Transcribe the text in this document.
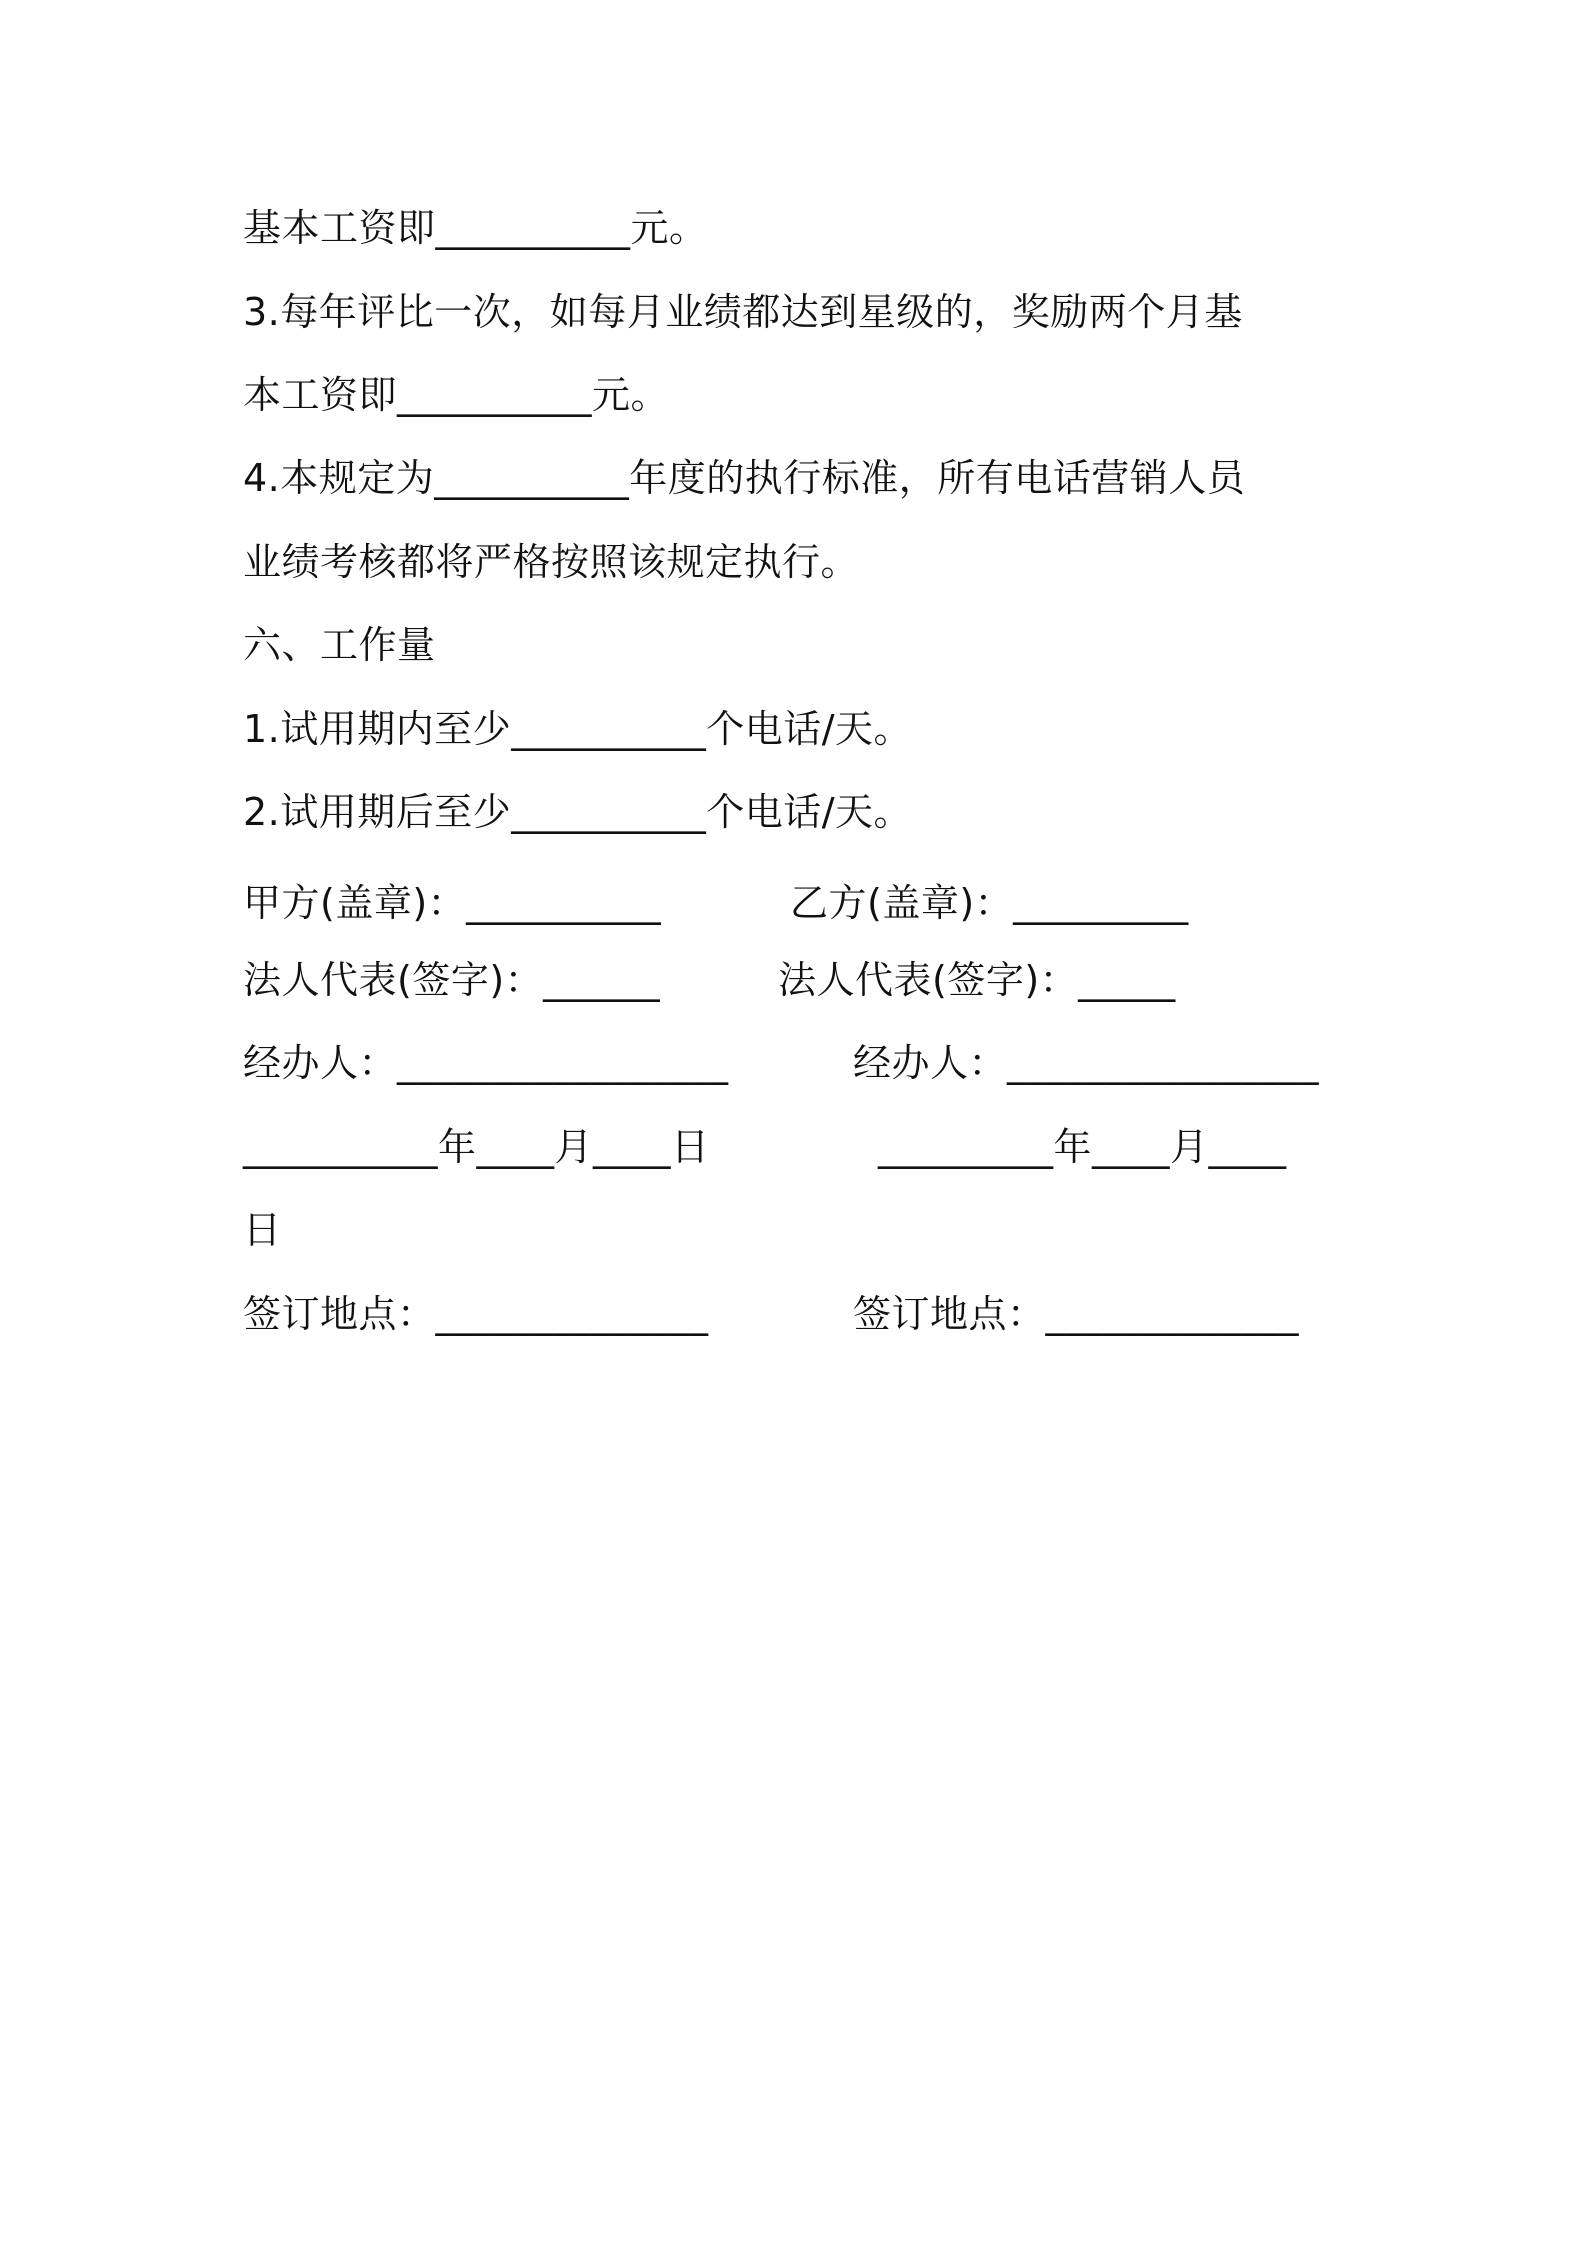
基本工资即__________元。
3.每年评比一次，如每月业绩都达到星级的，奖励两个月基
本工资即__________元。
4.本规定为__________年度的执行标准，所有电话营销人员
业绩考核都将严格按照该规定执行。
六、工作量
1.试用期内至少__________个电话/天。
2.试用期后至少__________个电话/天。
甲方(盖章)：__________	乙方(盖章)：_________
法人代表(签字)：______	法人代表(签字)：_____
经办人：_________________	经办人：________________
__________年____月____日	_________年____月____
日
签订地点：______________	签订地点：_____________
